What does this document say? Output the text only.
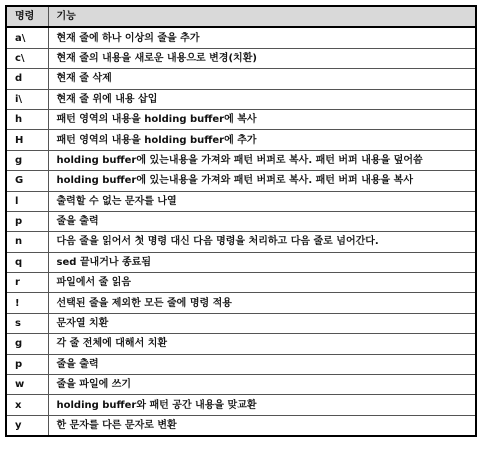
명령	기능
a\	현재 줄에 하나 이상의 줄을 추가
c\	현재 줄의 내용을 새로운 내용으로 변경(치환)
d	현재 줄 삭제
i\	현재 줄 위에 내용 삽입
h	패턴 영역의 내용을 holding buffer에 복사
H	패턴 영역의 내용을 holding buffer에 추가
g	holding buffer에 있는내용을 가져와 패턴 버퍼로 복사. 패턴 버퍼 내용을 덮어씀
G	holding buffer에 있는내용을 가져와 패턴 버퍼로 복사. 패턴 버퍼 내용을 복사
l	출력할 수 없는 문자를 나열
p	줄을 출력
n	다음 줄을 읽어서 첫 명령 대신 다음 명령을 처리하고 다음 줄로 넘어간다.
q	sed 끝내거나 종료됨
r	파일에서 줄 읽음
!	선택된 줄을 제외한 모든 줄에 명령 적용
s	문자열 치환
g	각 줄 전체에 대해서 치환
p	줄을 출력
w	줄을 파일에 쓰기
x	holding buffer와 패턴 공간 내용을 맞교환
y	한 문자를 다른 문자로 변환
